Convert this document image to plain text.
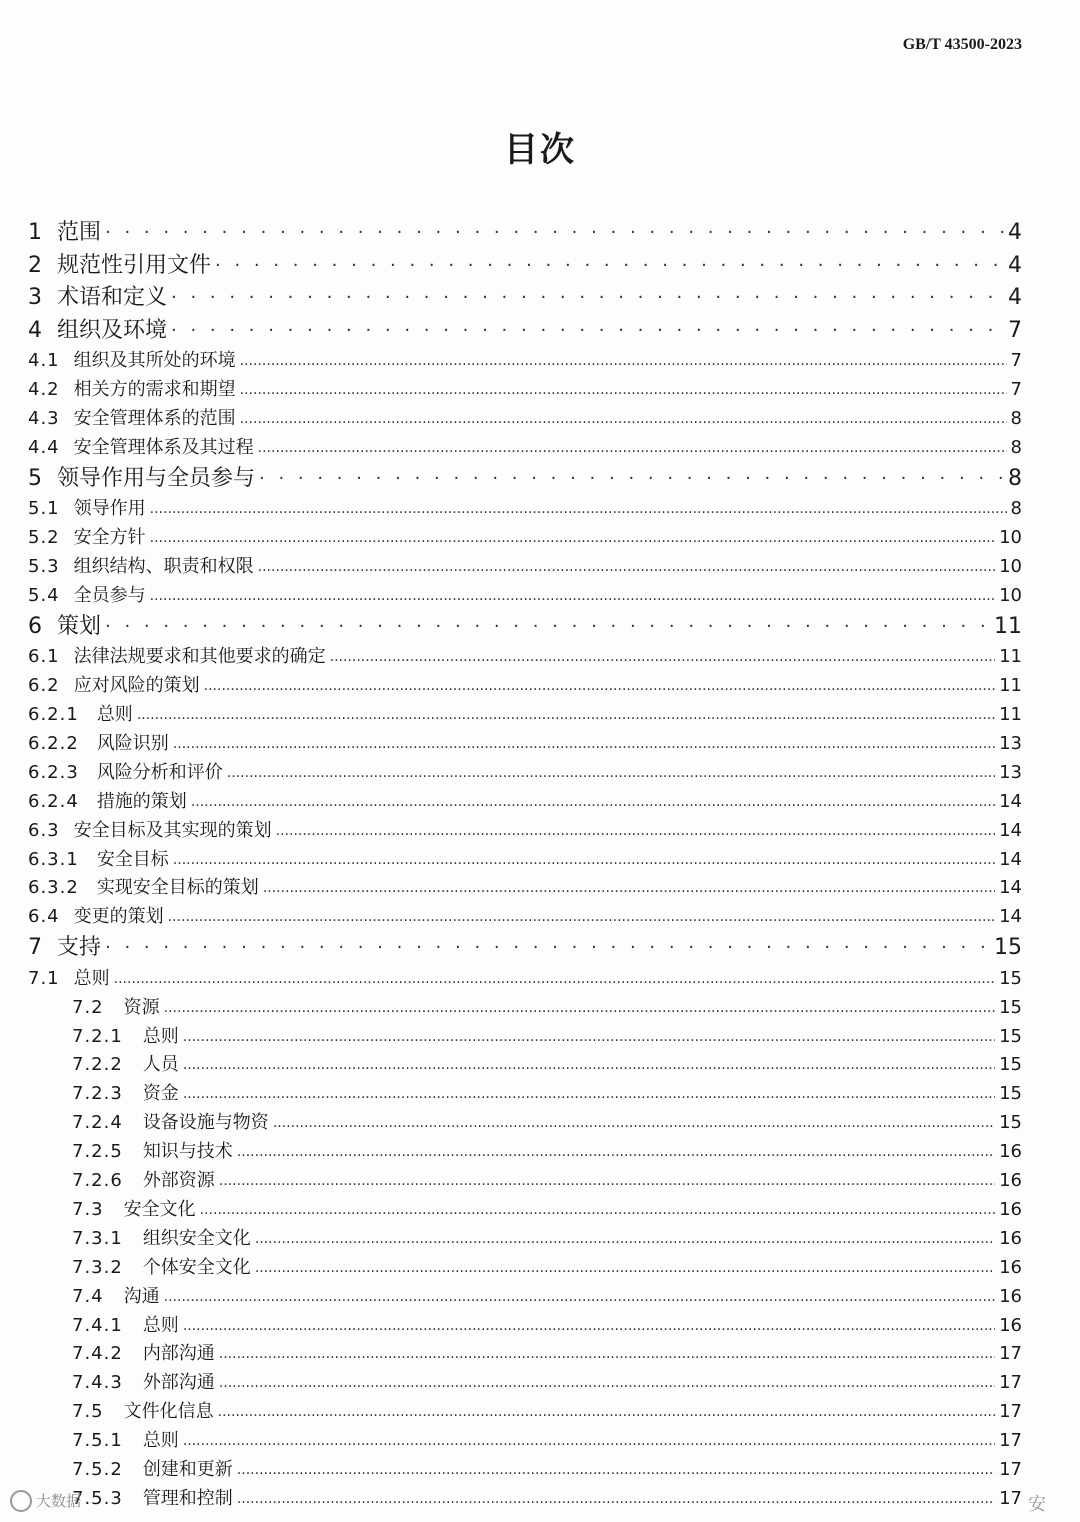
GB/T 43500-2023
目次
1 范围 · · ·	4
2 规范性引用文件 · · ·	4
3 术语和定义 · · ·	4
4 组织及环境 · · ·	7
4.1 组织及其所处的环境 .....	7
4.2 相关方的需求和期望 .....	7
4.3 安全管理体系的范围 .....	8
4.4 安全管理体系及其过程 .....	8
5 领导作用与全员参与 · · ·	8
5.1 领导作用 .....	8
5.2 安全方针 .....	10
5.3 组织结构、职责和权限 .....	10
5.4 全员参与 .....	10
6 策划 · · ·	11
6.1 法律法规要求和其他要求的确定 .....	11
6.2 应对风险的策划 .....	11
6.2.1 总则 .....	11
6.2.2 风险识别 .....	13
6.2.3 风险分析和评价 .....	13
6.2.4 措施的策划 .....	14
6.3 安全目标及其实现的策划 .....	14
6.3.1 安全目标 .....	14
6.3.2 实现安全目标的策划 .....	14
6.4 变更的策划 .....	14
7 支持 · · ·	15
7.1 总则 .....	15
7.2 资源 .....	15
7.2.1 总则 .....	15
7.2.2 人员 .....	15
7.2.3 资金 .....	15
7.2.4 设备设施与物资 .....	15
7.2.5 知识与技术 .....	16
7.2.6 外部资源 .....	16
7.3 安全文化 .....	16
7.3.1 组织安全文化 .....	16
7.3.2 个体安全文化 .....	16
7.4 沟通 .....	16
7.4.1 总则 .....	16
7.4.2 内部沟通 .....	17
7.4.3 外部沟通 .....	17
7.5 文件化信息 .....	17
7.5.1 总则 .....	17
7.5.2 创建和更新 .....	17
7.5.3 管理和控制 .....	17
大数据	安
